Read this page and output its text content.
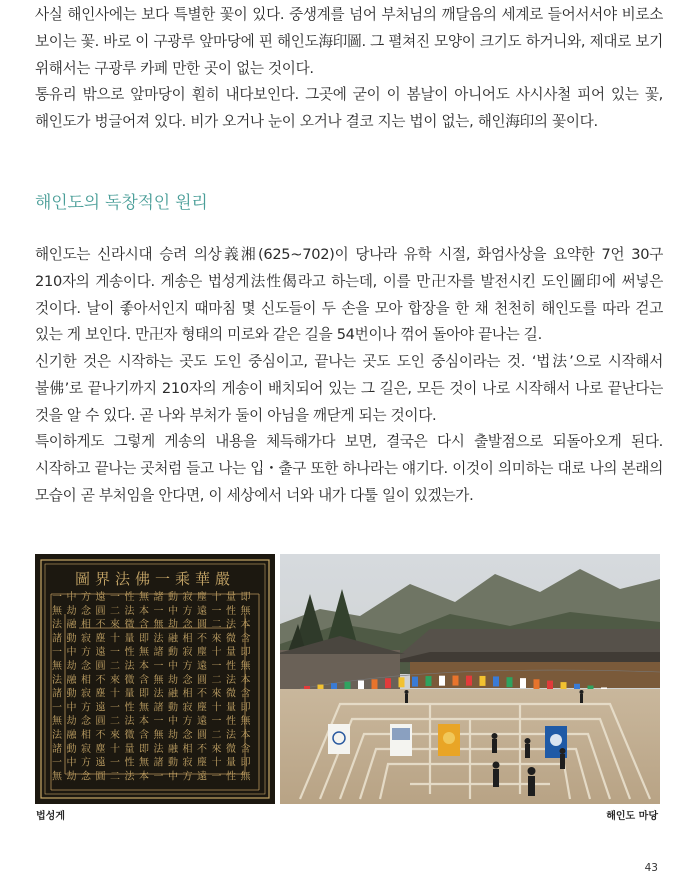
사실 해인사에는 보다 특별한 꽃이 있다. 중생계를 넘어 부처님의 깨달음의 세계로 들어서서야 비로소 보이는 꽃. 바로 이 구광루 앞마당에 핀 해인도海印圖. 그 펼쳐진 모양이 크기도 하거니와, 제대로 보기 위해서는 구광루 카페 만한 곳이 없는 것이다.

통유리 밖으로 앞마당이 훤히 내다보인다. 그곳에 굳이 이 봄날이 아니어도 사시사철 피어 있는 꽃, 해인도가 벙글어져 있다. 비가 오거나 눈이 오거나 결코 지는 법이 없는, 해인海印의 꽃이다.

해인도의 독창적인 원리

해인도는 신라시대 승려 의상義湘(625~702)이 당나라 유학 시절, 화엄사상을 요약한 7언 30구 210자의 게송이다. 게송은 법성게法性偈라고 하는데, 이를 만卍자를 발전시킨 도인圖印에 써넣은 것이다. 날이 좋아서인지 때마침 몇 신도들이 두 손을 모아 합장을 한 채 천천히 해인도를 따라 걷고 있는 게 보인다. 만卍자 형태의 미로와 같은 길을 54번이나 꺾어 돌아야 끝나는 길.

신기한 것은 시작하는 곳도 도인 중심이고, 끝나는 곳도 도인 중심이라는 것. ‘법法’으로 시작해서 불佛’로 끝나기까지 210자의 게송이 배치되어 있는 그 길은, 모든 것이 나로 시작해서 나로 끝난다는 것을 알 수 있다. 곧 나와 부처가 둘이 아님을 깨닫게 되는 것이다.

특이하게도 그렇게 게송의 내용을 체득해가다 보면, 결국은 다시 출발점으로 되돌아오게 된다. 시작하고 끝나는 곳처럼 들고 나는 입・출구 또한 하나라는 얘기다. 이것이 의미하는 대로 나의 본래의 모습이 곧 부처임을 안다면, 이 세상에서 너와 내가 다툴 일이 있겠는가.

圖界法佛一乘華嚴
一 中 方 遠 一 性 無 諸 動 寂 塵 十 量 即
無 劫 念 圓 二 法 本 一 中 方 遠 一 性 無
法 融 相 不 來 微 含 無 劫 念 圓 二 法 本
諸 動 寂 塵 十 量 即 法 融 相 不 來 微 含
一 中 方 遠 一 性 無 諸 動 寂 塵 十 量 即
無 劫 念 圓 二 法 本 一 中 方 遠 一 性 無
法 融 相 不 來 微 含 無 劫 念 圓 二 法 本
諸 動 寂 塵 十 量 即 法 融 相 不 來 微 含
一 中 方 遠 一 性 無 諸 動 寂 塵 十 量 即
無 劫 念 圓 二 法 本 一 中 方 遠 一 性 無
法 融 相 不 來 微 含 無 劫 念 圓 二 法 本
諸 動 寂 塵 十 量 即 法 融 相 不 來 微 含
一 中 方 遠 一 性 無 諸 動 寂 塵 十 量 即
無 劫 念 圓 二 法 本 一 中 方 遠 一 性 無
법성게	해인도 마당
43
